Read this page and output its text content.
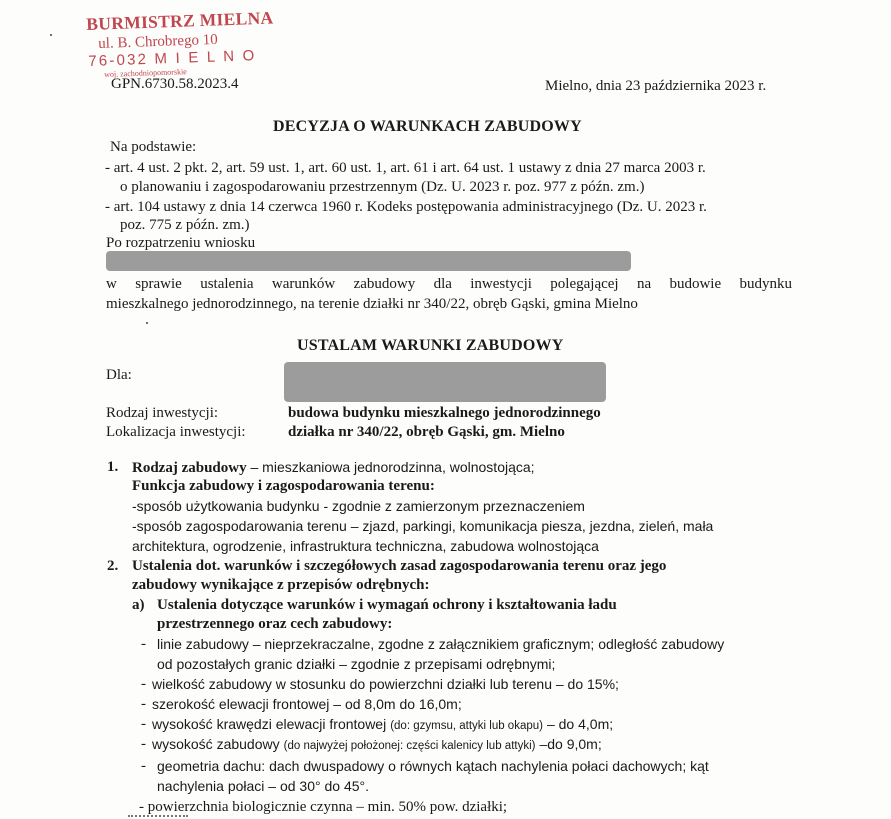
BURMISTRZ MIELNA
ul. B. Chrobrego 10
76-032 M I E L N O
woj. zachodniopomorskie
GPN.6730.58.2023.4	Mielno, dnia 23 października 2023 r.
DECYZJA O WARUNKACH ZABUDOWY
Na podstawie:
- art. 4 ust. 2 pkt. 2, art. 59 ust. 1, art. 60 ust. 1, art. 61 i art. 64 ust. 1 ustawy z dnia 27 marca 2003 r.
o planowaniu i zagospodarowaniu przestrzennym (Dz. U. 2023 r. poz. 977 z późn. zm.)
- art. 104 ustawy z dnia 14 czerwca 1960 r. Kodeks postępowania administracyjnego (Dz. U. 2023 r.
poz. 775 z późn. zm.)
Po rozpatrzeniu wniosku
w sprawie ustalenia warunków zabudowy dla inwestycji polegającej na budowie budynku
mieszkalnego jednorodzinnego, na terenie działki nr 340/22, obręb Gąski, gmina Mielno
USTALAM WARUNKI ZABUDOWY
Dla:
Rodzaj inwestycji:	budowa budynku mieszkalnego jednorodzinnego
Lokalizacja inwestycji:	działka nr 340/22, obręb Gąski, gm. Mielno
1. Rodzaj zabudowy – mieszkaniowa jednorodzinna, wolnostojąca;
Funkcja zabudowy i zagospodarowania terenu:
-sposób użytkowania budynku - zgodnie z zamierzonym przeznaczeniem
-sposób zagospodarowania terenu – zjazd, parkingi, komunikacja piesza, jezdna, zieleń, mała
architektura, ogrodzenie, infrastruktura techniczna, zabudowa wolnostojąca
2. Ustalenia dot. warunków i szczegółowych zasad zagospodarowania terenu oraz jego
zabudowy wynikające z przepisów odrębnych:
a) Ustalenia dotyczące warunków i wymagań ochrony i kształtowania ładu
przestrzennego oraz cech zabudowy:
- linie zabudowy – nieprzekraczalne, zgodne z załącznikiem graficznym; odległość zabudowy
od pozostałych granic działki – zgodnie z przepisami odrębnymi;
- wielkość zabudowy w stosunku do powierzchni działki lub terenu – do 15%;
- szerokość elewacji frontowej – od 8,0m do 16,0m;
- wysokość krawędzi elewacji frontowej (do: gzymsu, attyki lub okapu) – do 4,0m;
- wysokość zabudowy (do najwyżej położonej: części kalenicy lub attyki) –do 9,0m;
- geometria dachu: dach dwuspadowy o równych kątach nachylenia połaci dachowych; kąt
nachylenia połaci – od 30° do 45°.
- powierzchnia biologicznie czynna – min. 50% pow. działki;
